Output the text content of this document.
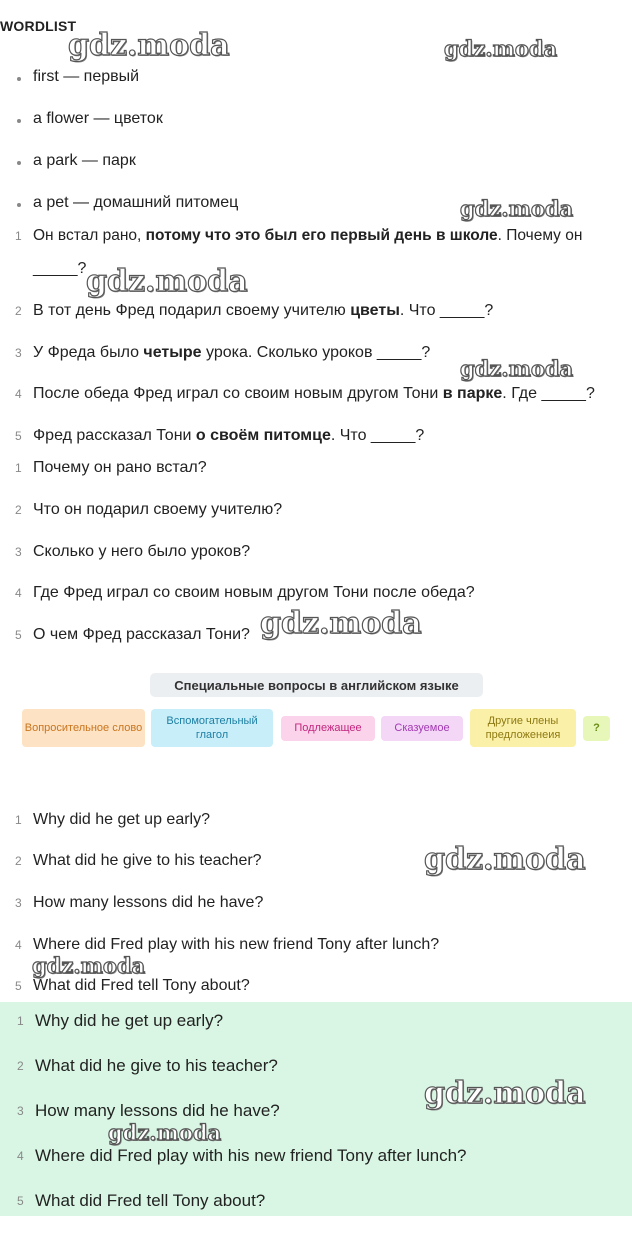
WORDLIST
gdz.moda	gdz.moda
gdz.moda
gdz.moda
gdz.moda
gdz.moda
gdz.moda
gdz.moda
first — первый
a flower — цветок
a park — парк
a pet — домашний питомец
1 Он встал рано, потому что это был его первый день в школе. Почему он
_____?
2 В тот день Фред подарил своему учителю цветы. Что _____?
3 У Фреда было четыре урока. Сколько уроков _____?
4 После обеда Фред играл со своим новым другом Тони в парке. Где _____?
5 Фред рассказал Тони о своём питомце. Что _____?
1 Почему он рано встал?
2 Что он подарил своему учителю?
3 Сколько у него было уроков?
4 Где Фред играл со своим новым другом Тони после обеда?
5 О чем Фред рассказал Тони?
Специальные вопросы в английском языке
Вопросительное слово
Вспомогательный глагол
Подлежащее	Сказуемое
Другие члены предложенеия
?
1 Why did he get up early?
2 What did he give to his teacher?
3 How many lessons did he have?
4 Where did Fred play with his new friend Tony after lunch?
5 What did Fred tell Tony about?
gdz.moda
gdz.moda
1 Why did he get up early?
2 What did he give to his teacher?
3 How many lessons did he have?
4 Where did Fred play with his new friend Tony after lunch?
5 What did Fred tell Tony about?
